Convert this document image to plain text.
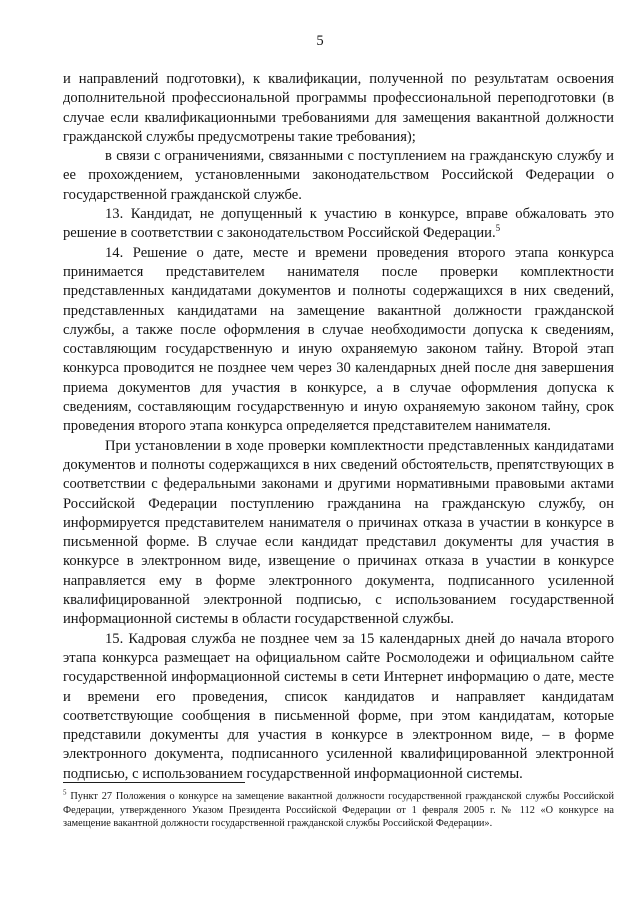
5

и направлений подготовки), к квалификации, полученной по результатам освоения дополнительной профессиональной программы профессиональной переподготовки (в случае если квалификационными требованиями для замещения вакантной должности гражданской службы предусмотрены такие требования);

в связи с ограничениями, связанными с поступлением на гражданскую службу и ее прохождением, установленными законодательством Российской Федерации о государственной гражданской службе.

13. Кандидат, не допущенный к участию в конкурсе, вправе обжаловать это решение в соответствии с законодательством Российской Федерации.$^5$

14. Решение о дате, месте и времени проведения второго этапа конкурса принимается представителем нанимателя после проверки комплектности представленных кандидатами документов и полноты содержащихся в них сведений, представленных кандидатами на замещение вакантной должности гражданской службы, а также после оформления в случае необходимости допуска к сведениям, составляющим государственную и иную охраняемую законом тайну. Второй этап конкурса проводится не позднее чем через 30 календарных дней после дня завершения приема документов для участия в конкурсе, а в случае оформления допуска к сведениям, составляющим государственную и иную охраняемую законом тайну, срок проведения второго этапа конкурса определяется представителем нанимателя.

При установлении в ходе проверки комплектности представленных кандидатами документов и полноты содержащихся в них сведений обстоятельств, препятствующих в соответствии с федеральными законами и другими нормативными правовыми актами Российской Федерации поступлению гражданина на гражданскую службу, он информируется представителем нанимателя о причинах отказа в участии в конкурсе в письменной форме. В случае если кандидат представил документы для участия в конкурсе в электронном виде, извещение о причинах отказа в участии в конкурсе направляется ему в форме электронного документа, подписанного усиленной квалифицированной электронной подписью, с использованием государственной информационной системы в области государственной службы.

15. Кадровая служба не позднее чем за 15 календарных дней до начала второго этапа конкурса размещает на официальном сайте Росмолодежи и официальном сайте государственной информационной системы в сети Интернет информацию о дате, месте и времени его проведения, список кандидатов и направляет кандидатам соответствующие сообщения в письменной форме, при этом кандидатам, которые представили документы для участия в конкурсе в электронном виде, – в форме электронного документа, подписанного усиленной квалифицированной электронной подписью, с использованием государственной информационной системы.

$^5$ Пункт 27 Положения о конкурсе на замещение вакантной должности государственной гражданской службы Российской Федерации, утвержденного Указом Президента Российской Федерации от 1 февраля 2005 г. № 112 «О конкурсе на замещение вакантной должности государственной гражданской службы Российской Федерации».
